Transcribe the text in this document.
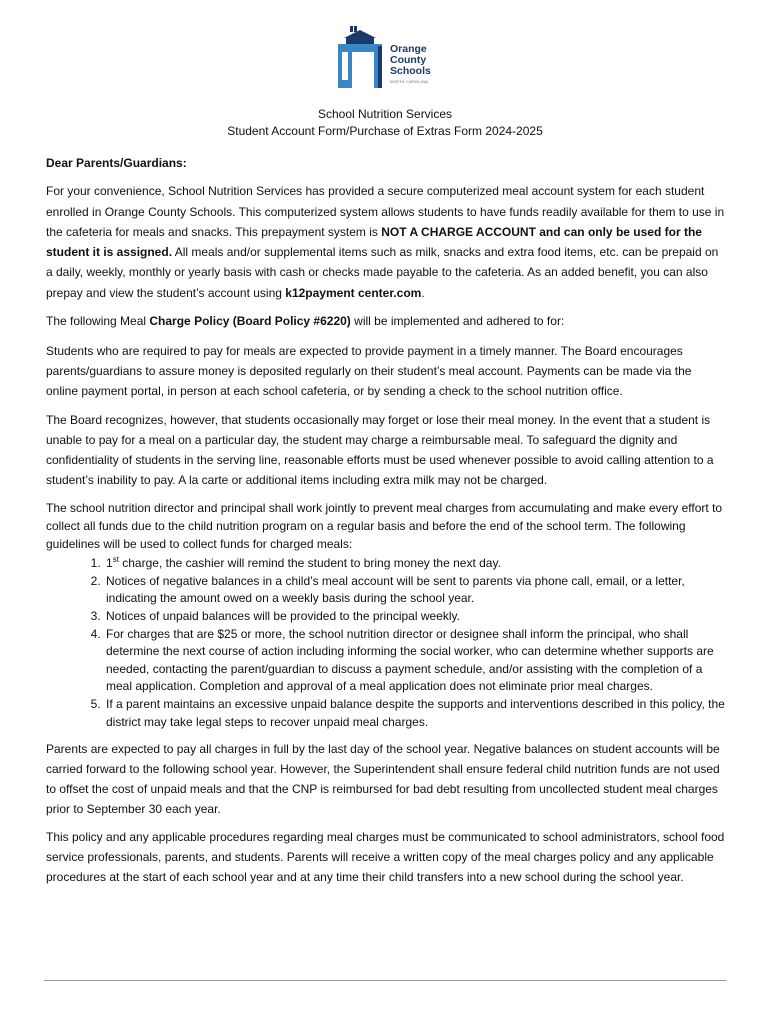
Orange
County
Schools
NORTH CAROLINA
School Nutrition Services
Student Account Form/Purchase of Extras Form 2024-2025

Dear Parents/Guardians:

For your convenience, School Nutrition Services has provided a secure computerized meal account system for each student enrolled in Orange County Schools. This computerized system allows students to have funds readily available for them to use in the cafeteria for meals and snacks. This prepayment system is NOT A CHARGE ACCOUNT and can only be used for the student it is assigned. All meals and/or supplemental items such as milk, snacks and extra food items, etc. can be prepaid on a daily, weekly, monthly or yearly basis with cash or checks made payable to the cafeteria. As an added benefit, you can also prepay and view the student’s account using k12payment center.com.

The following Meal Charge Policy (Board Policy #6220) will be implemented and adhered to for:

Students who are required to pay for meals are expected to provide payment in a timely manner. The Board encourages parents/guardians to assure money is deposited regularly on their student’s meal account. Payments can be made via the online payment portal, in person at each school cafeteria, or by sending a check to the school nutrition office.

The Board recognizes, however, that students occasionally may forget or lose their meal money. In the event that a student is unable to pay for a meal on a particular day, the student may charge a reimbursable meal. To safeguard the dignity and confidentiality of students in the serving line, reasonable efforts must be used whenever possible to avoid calling attention to a student’s inability to pay. A la carte or additional items including extra milk may not be charged.

The school nutrition director and principal shall work jointly to prevent meal charges from accumulating and make every effort to collect all funds due to the child nutrition program on a regular basis and before the end of the school term. The following guidelines will be used to collect funds for charged meals:

1. 1st charge, the cashier will remind the student to bring money the next day.
2. Notices of negative balances in a child’s meal account will be sent to parents via phone call, email, or a letter, indicating the amount owed on a weekly basis during the school year.
3. Notices of unpaid balances will be provided to the principal weekly.
4. For charges that are $25 or more, the school nutrition director or designee shall inform the principal, who shall determine the next course of action including informing the social worker, who can determine whether supports are needed, contacting the parent/guardian to discuss a payment schedule, and/or assisting with the completion of a meal application. Completion and approval of a meal application does not eliminate prior meal charges.
5. If a parent maintains an excessive unpaid balance despite the supports and interventions described in this policy, the district may take legal steps to recover unpaid meal charges.

Parents are expected to pay all charges in full by the last day of the school year. Negative balances on student accounts will be carried forward to the following school year. However, the Superintendent shall ensure federal child nutrition funds are not used to offset the cost of unpaid meals and that the CNP is reimbursed for bad debt resulting from uncollected student meal charges prior to September 30 each year.

This policy and any applicable procedures regarding meal charges must be communicated to school administrators, school food service professionals, parents, and students. Parents will receive a written copy of the meal charges policy and any applicable procedures at the start of each school year and at any time their child transfers into a new school during the school year.
